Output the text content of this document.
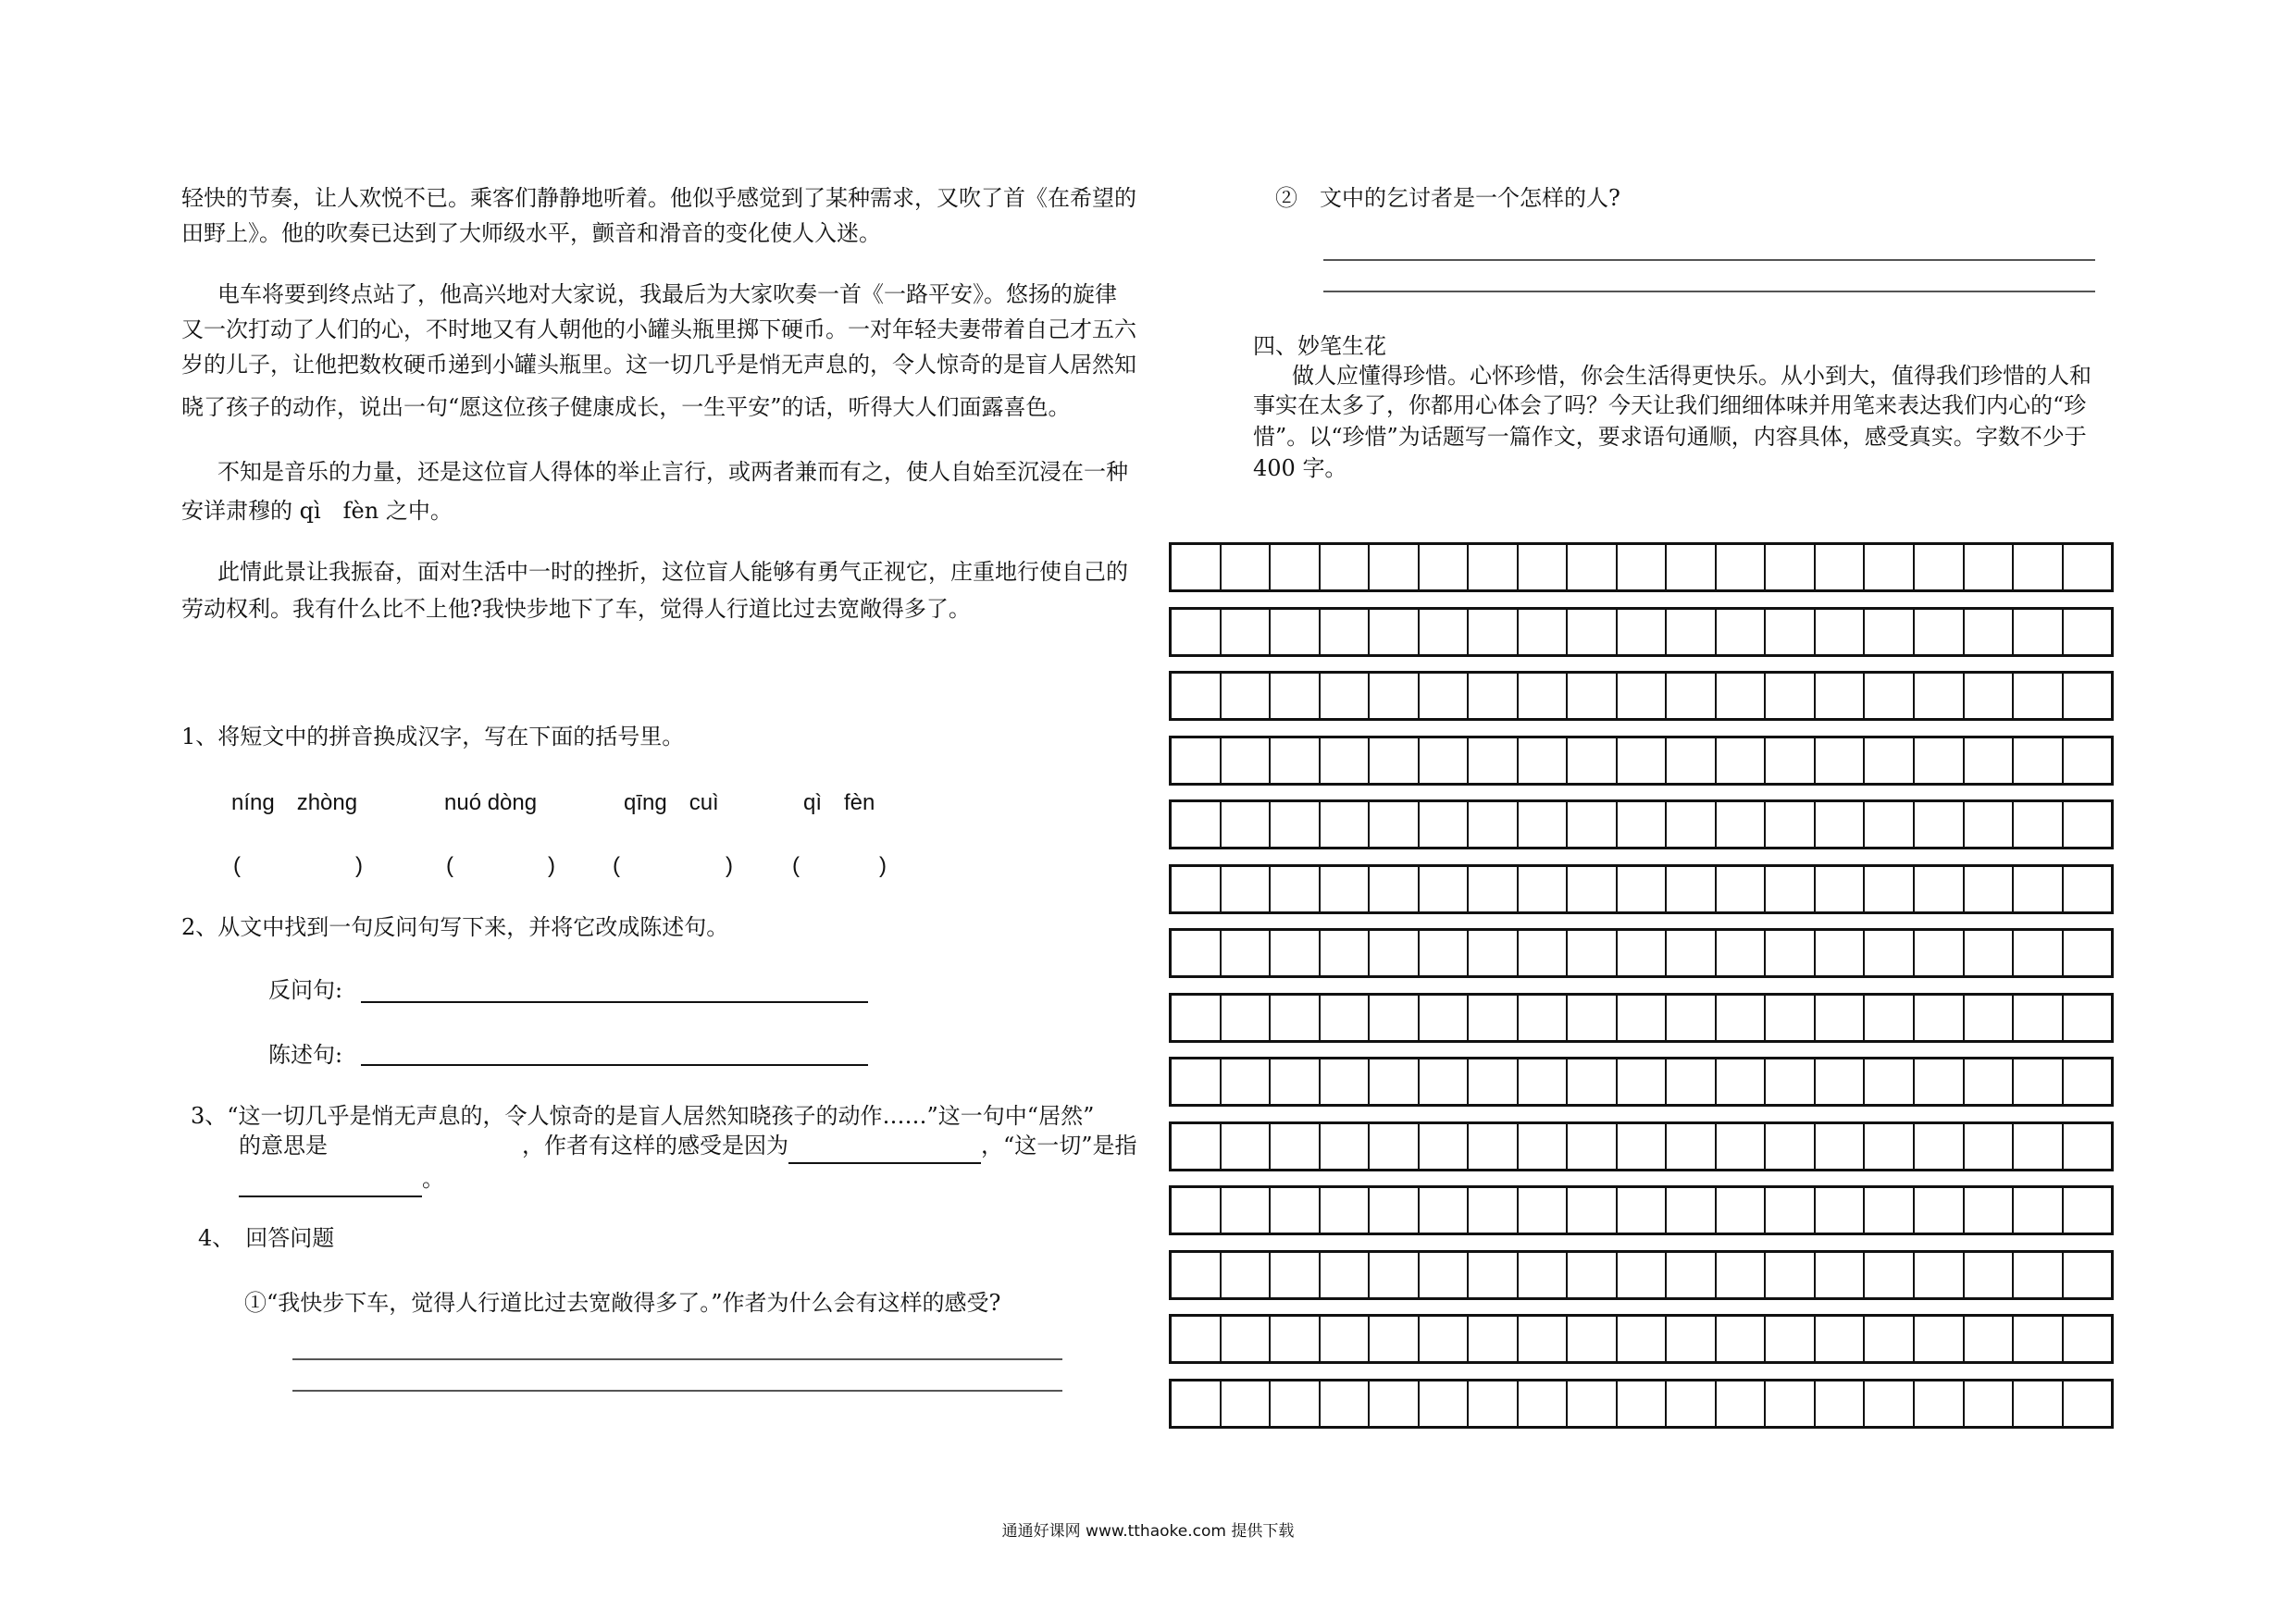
轻快的节奏，让人欢悦不已。乘客们静静地听着。他似乎感觉到了某种需求，又吹了首《在希望的

田野上》。他的吹奏已达到了大师级水平，颤音和滑音的变化使人入迷。

电车将要到终点站了，他高兴地对大家说，我最后为大家吹奏一首《一路平安》。悠扬的旋律

又一次打动了人们的心，不时地又有人朝他的小罐头瓶里掷下硬币。一对年轻夫妻带着自己才五六

岁的儿子，让他把数枚硬币递到小罐头瓶里。这一切几乎是悄无声息的，令人惊奇的是盲人居然知

晓了孩子的动作，说出一句“愿这位孩子健康成长，一生平安”的话，听得大人们面露喜色。

不知是音乐的力量，还是这位盲人得体的举止言行，或两者兼而有之，使人自始至沉浸在一种

安详肃穆的 qì　fèn 之中。

此情此景让我振奋，面对生活中一时的挫折，这位盲人能够有勇气正视它，庄重地行使自己的

劳动权利。我有什么比不上他?我快步地下了车，觉得人行道比过去宽敞得多了。

1、将短文中的拼音换成汉字，写在下面的括号里。

níng　zhòng	nuó dòng	qīng　cuì	qì　fèn

(	)	(	)	(	)	(	)

2、从文中找到一句反问句写下来，并将它改成陈述句。

反问句:

陈述句:

3、“这一切几乎是悄无声息的，令人惊奇的是盲人居然知晓孩子的动作……”这一句中“居然”

的意思是	，作者有这样的感受是因为	，“这一切”是指

。

4、　回答问题

①“我快步下车，觉得人行道比过去宽敞得多了。”作者为什么会有这样的感受?

②　文中的乞讨者是一个怎样的人?

四、妙笔生花

做人应懂得珍惜。心怀珍惜，你会生活得更快乐。从小到大，值得我们珍惜的人和

事实在太多了，你都用心体会了吗？今天让我们细细体味并用笔来表达我们内心的“珍

惜”。以“珍惜”为话题写一篇作文，要求语句通顺，内容具体，感受真实。字数不少于

400 字。

通通好课网 www.tthaoke.com 提供下载
